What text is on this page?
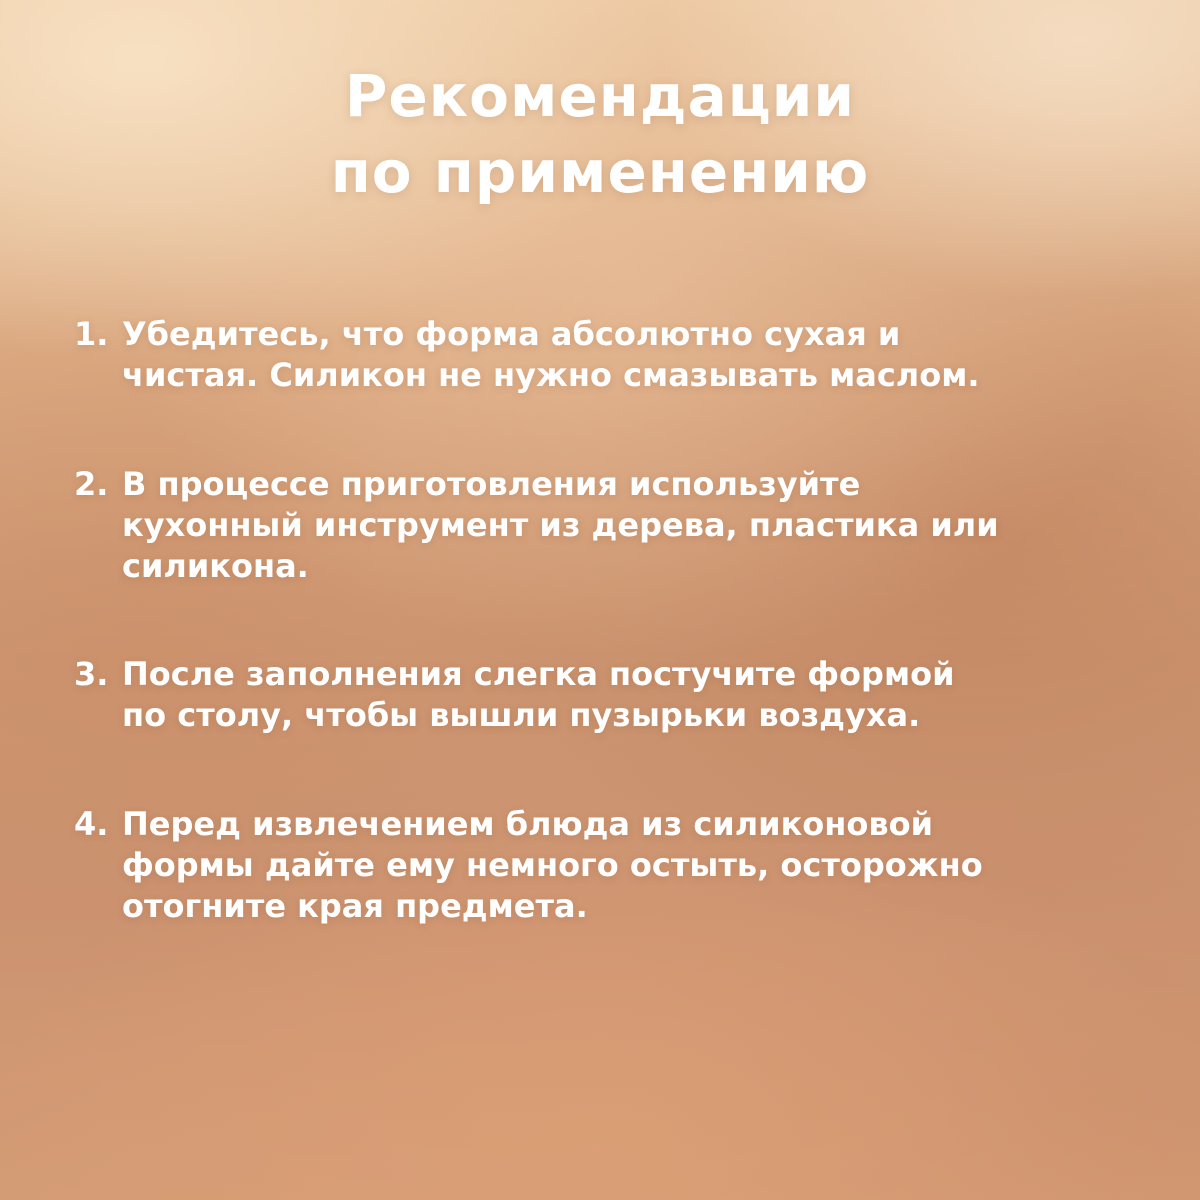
Рекомендации
по применению
1. Убедитесь, что форма абсолютно сухая и
чистая. Силикон не нужно смазывать маслом.
2. В процессе приготовления используйте
кухонный инструмент из дерева, пластика или
силикона.
3. После заполнения слегка постучите формой
по столу, чтобы вышли пузырьки воздуха.
4. Перед извлечением блюда из силиконовой
формы дайте ему немного остыть, осторожно
отогните края предмета.
